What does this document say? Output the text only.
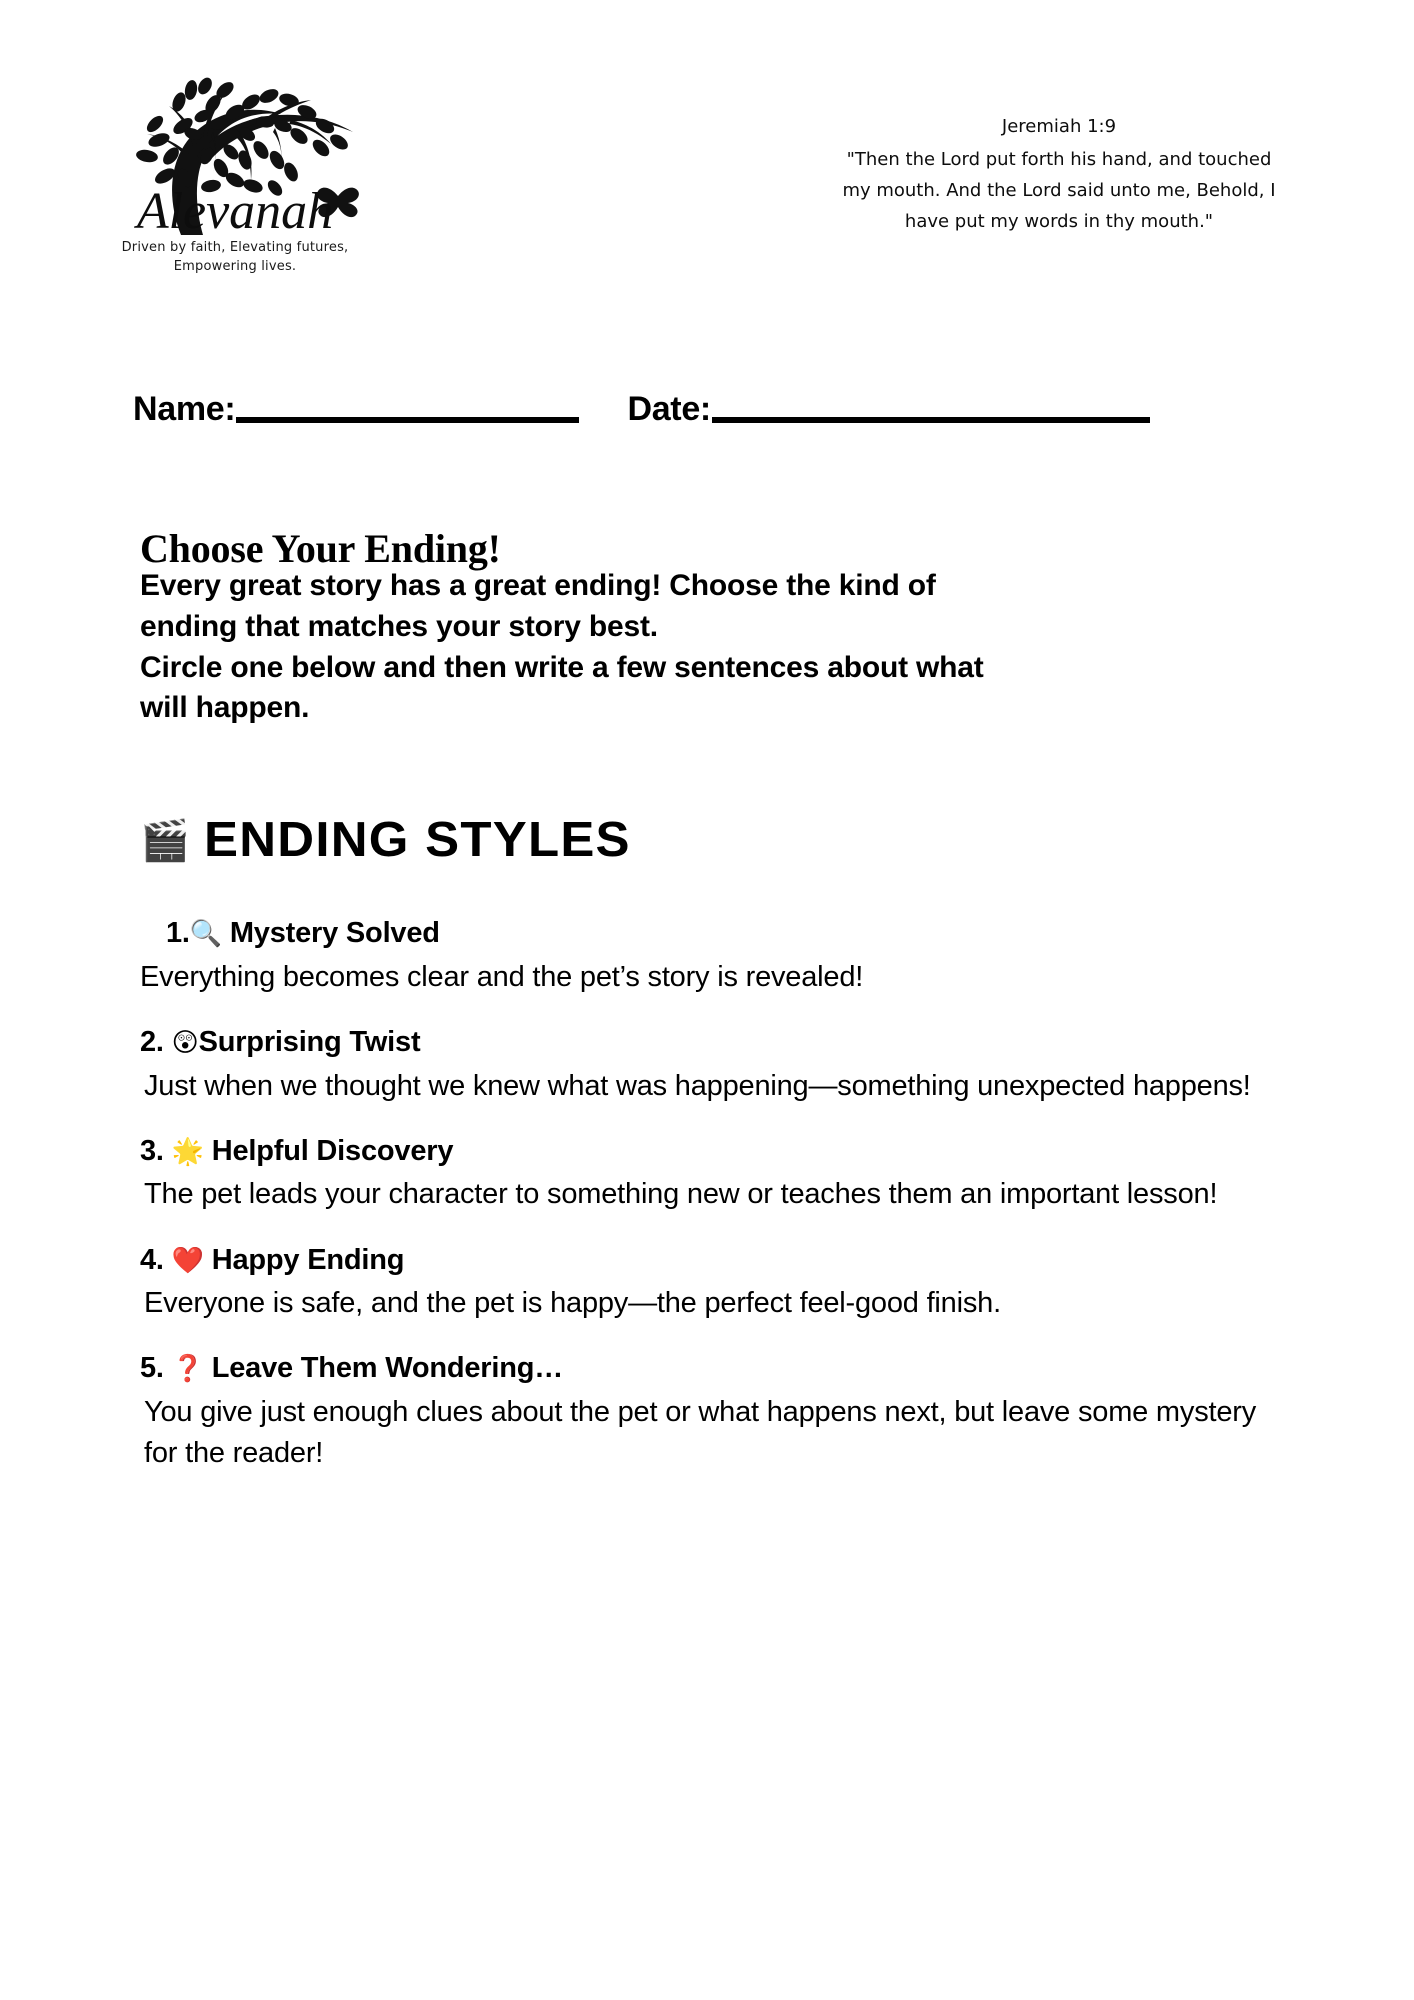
Alevanah
Driven by faith, Elevating futures,
Empowering lives.
Jeremiah 1:9
"Then the Lord put forth his hand, and touched
my mouth. And the Lord said unto me, Behold, I
have put my words in thy mouth."
Name:	Date:
Choose Your Ending!

Every great story has a great ending! Choose the kind of

ending that matches your story best.

Circle one below and then write a few sentences about what

will happen.

🎬 ENDING STYLES
1.🔍 Mystery Solved
Everything becomes clear and the pet’s story is revealed!
2. 😲Surprising Twist
Just when we thought we knew what was happening—something unexpected happens!
3. 🌟 Helpful Discovery
The pet leads your character to something new or teaches them an important lesson!
4. ❤️ Happy Ending
Everyone is safe, and the pet is happy—the perfect feel-good finish.
5. ❓ Leave Them Wondering…
You give just enough clues about the pet or what happens next, but leave some mystery for the reader!
